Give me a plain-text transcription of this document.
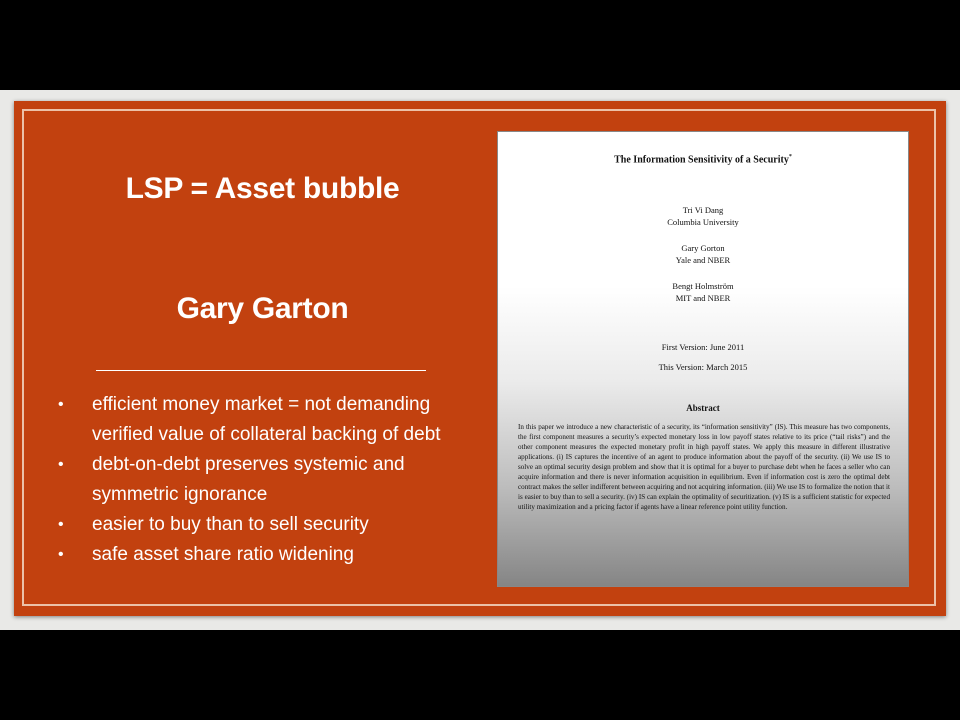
LSP = Asset bubble
Gary Garton
• efficient money market = not demanding verified value of collateral backing of debt
• debt-on-debt preserves systemic and symmetric ignorance
• easier to buy than to sell security
• safe asset share ratio widening
The Information Sensitivity of a Security*
Tri Vi Dang
Columbia University
Gary Gorton
Yale and NBER
Bengt Holmström
MIT and NBER
First Version: June 2011
This Version: March 2015
Abstract
In this paper we introduce a new characteristic of a security, its “information sensitivity” (IS). This measure has two components, the first component measures a security’s expected monetary loss in low payoff states relative to its price (“tail risks”) and the other component measures the expected monetary profit in high payoff states. We apply this measure in different illustrative applications. (i) IS captures the incentive of an agent to produce information about the payoff of the security. (ii) We use IS to solve an optimal security design problem and show that it is optimal for a buyer to purchase debt when he faces a seller who can acquire information and there is never information acquisition in equilibrium. Even if information cost is zero the optimal debt contract makes the seller indifferent between acquiring and not acquiring information. (iii) We use IS to formalize the notion that it is easier to buy than to sell a security. (iv) IS can explain the optimality of securitization. (v) IS is a sufficient statistic for expected utility maximization and a pricing factor if agents have a linear reference point utility function.
